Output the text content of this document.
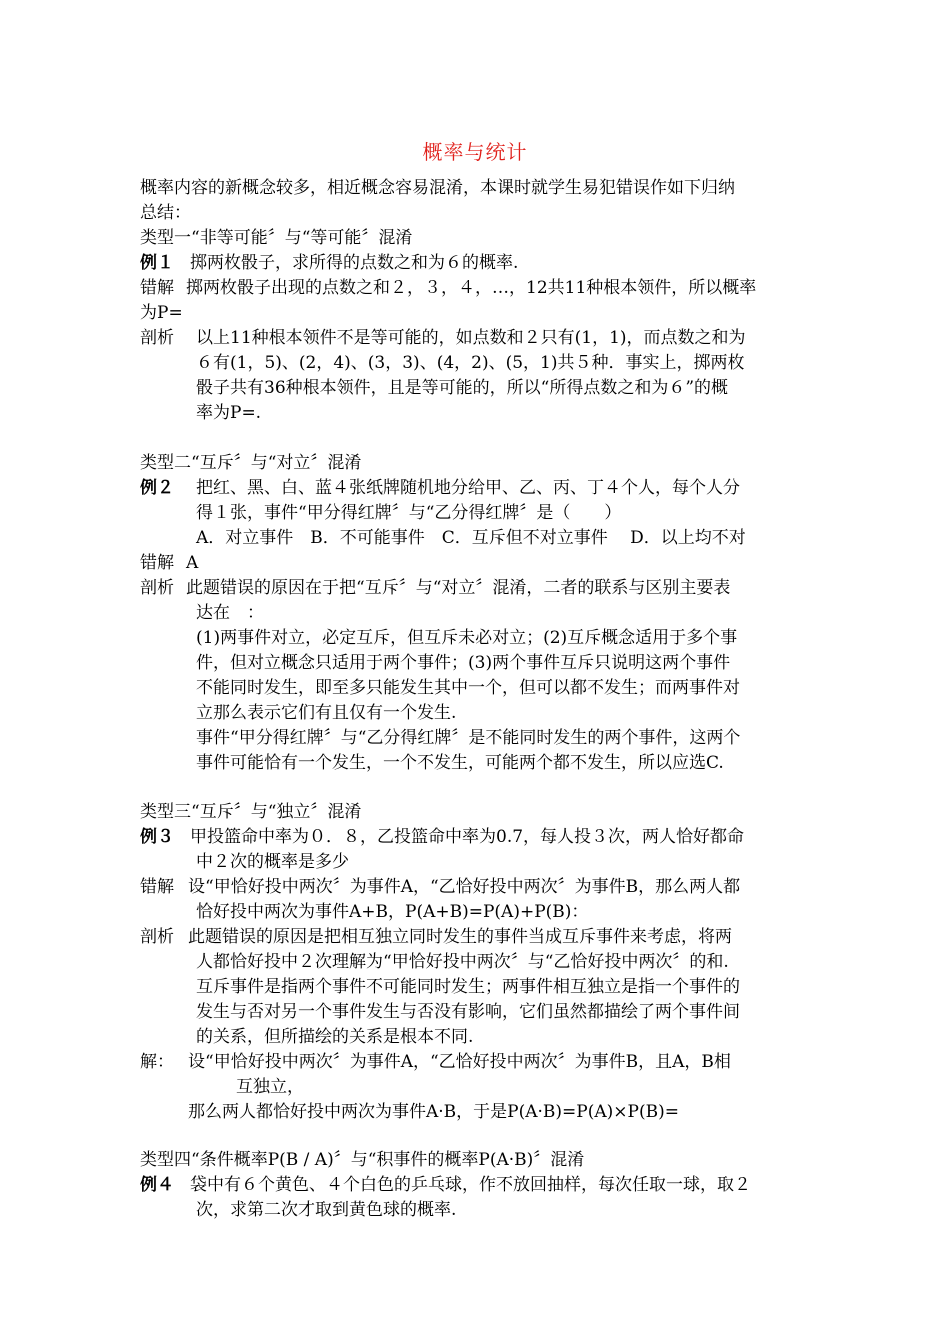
概率与统计
概率内容的新概念较多，相近概念容易混淆，本课时就学生易犯错误作如下归纳
总结：
类型一“非等可能〞与“等可能〞混淆
例１ 掷两枚骰子，求所得的点数之和为６的概率.
错解 掷两枚骰子出现的点数之和２，３，４，…，12共11种根本领件，所以概率
为P=
剖析 以上11种根本领件不是等可能的，如点数和２只有(1，1)，而点数之和为
６有(1，5)、(2，4)、(3，3)、(4，2)、(5，1)共５种．事实上，掷两枚
骰子共有36种根本领件，且是等可能的，所以“所得点数之和为６”的概
率为P=.
类型二“互斥〞与“对立〞混淆
例２ 把红、黑、白、蓝４张纸牌随机地分给甲、乙、丙、丁４个人，每个人分
得１张，事件“甲分得红牌〞与“乙分得红牌〞是（　　）
A．对立事件　B．不可能事件　C．互斥但不对立事件　 D．以上均不对
错解 A
剖析 此题错误的原因在于把“互斥〞与“对立〞混淆，二者的联系与区别主要表
达在　：
(1)两事件对立，必定互斥，但互斥未必对立；(2)互斥概念适用于多个事
件，但对立概念只适用于两个事件；(3)两个事件互斥只说明这两个事件
不能同时发生，即至多只能发生其中一个，但可以都不发生；而两事件对
立那么表示它们有且仅有一个发生.
事件“甲分得红牌〞与“乙分得红牌〞是不能同时发生的两个事件，这两个
事件可能恰有一个发生，一个不发生，可能两个都不发生，所以应选C.
类型三“互斥〞与“独立〞混淆
例３ 甲投篮命中率为０．８，乙投篮命中率为0.7，每人投３次，两人恰好都命
中２次的概率是多少
错解 设“甲恰好投中两次〞为事件A，“乙恰好投中两次〞为事件B，那么两人都
恰好投中两次为事件A+B，P(A+B)=P(A)+P(B)：
剖析 此题错误的原因是把相互独立同时发生的事件当成互斥事件来考虑，将两
人都恰好投中２次理解为“甲恰好投中两次〞与“乙恰好投中两次〞的和.
互斥事件是指两个事件不可能同时发生；两事件相互独立是指一个事件的
发生与否对另一个事件发生与否没有影响，它们虽然都描绘了两个事件间
的关系，但所描绘的关系是根本不同.
解： 设“甲恰好投中两次〞为事件A，“乙恰好投中两次〞为事件B，且A，B相
互独立，
那么两人都恰好投中两次为事件A·B，于是P(A·B)=P(A)×P(B)=
类型四“条件概率P(B / A)〞与“积事件的概率P(A·B)〞混淆
例４ 袋中有６个黄色、４个白色的乒乓球，作不放回抽样，每次任取一球，取２
次，求第二次才取到黄色球的概率.
